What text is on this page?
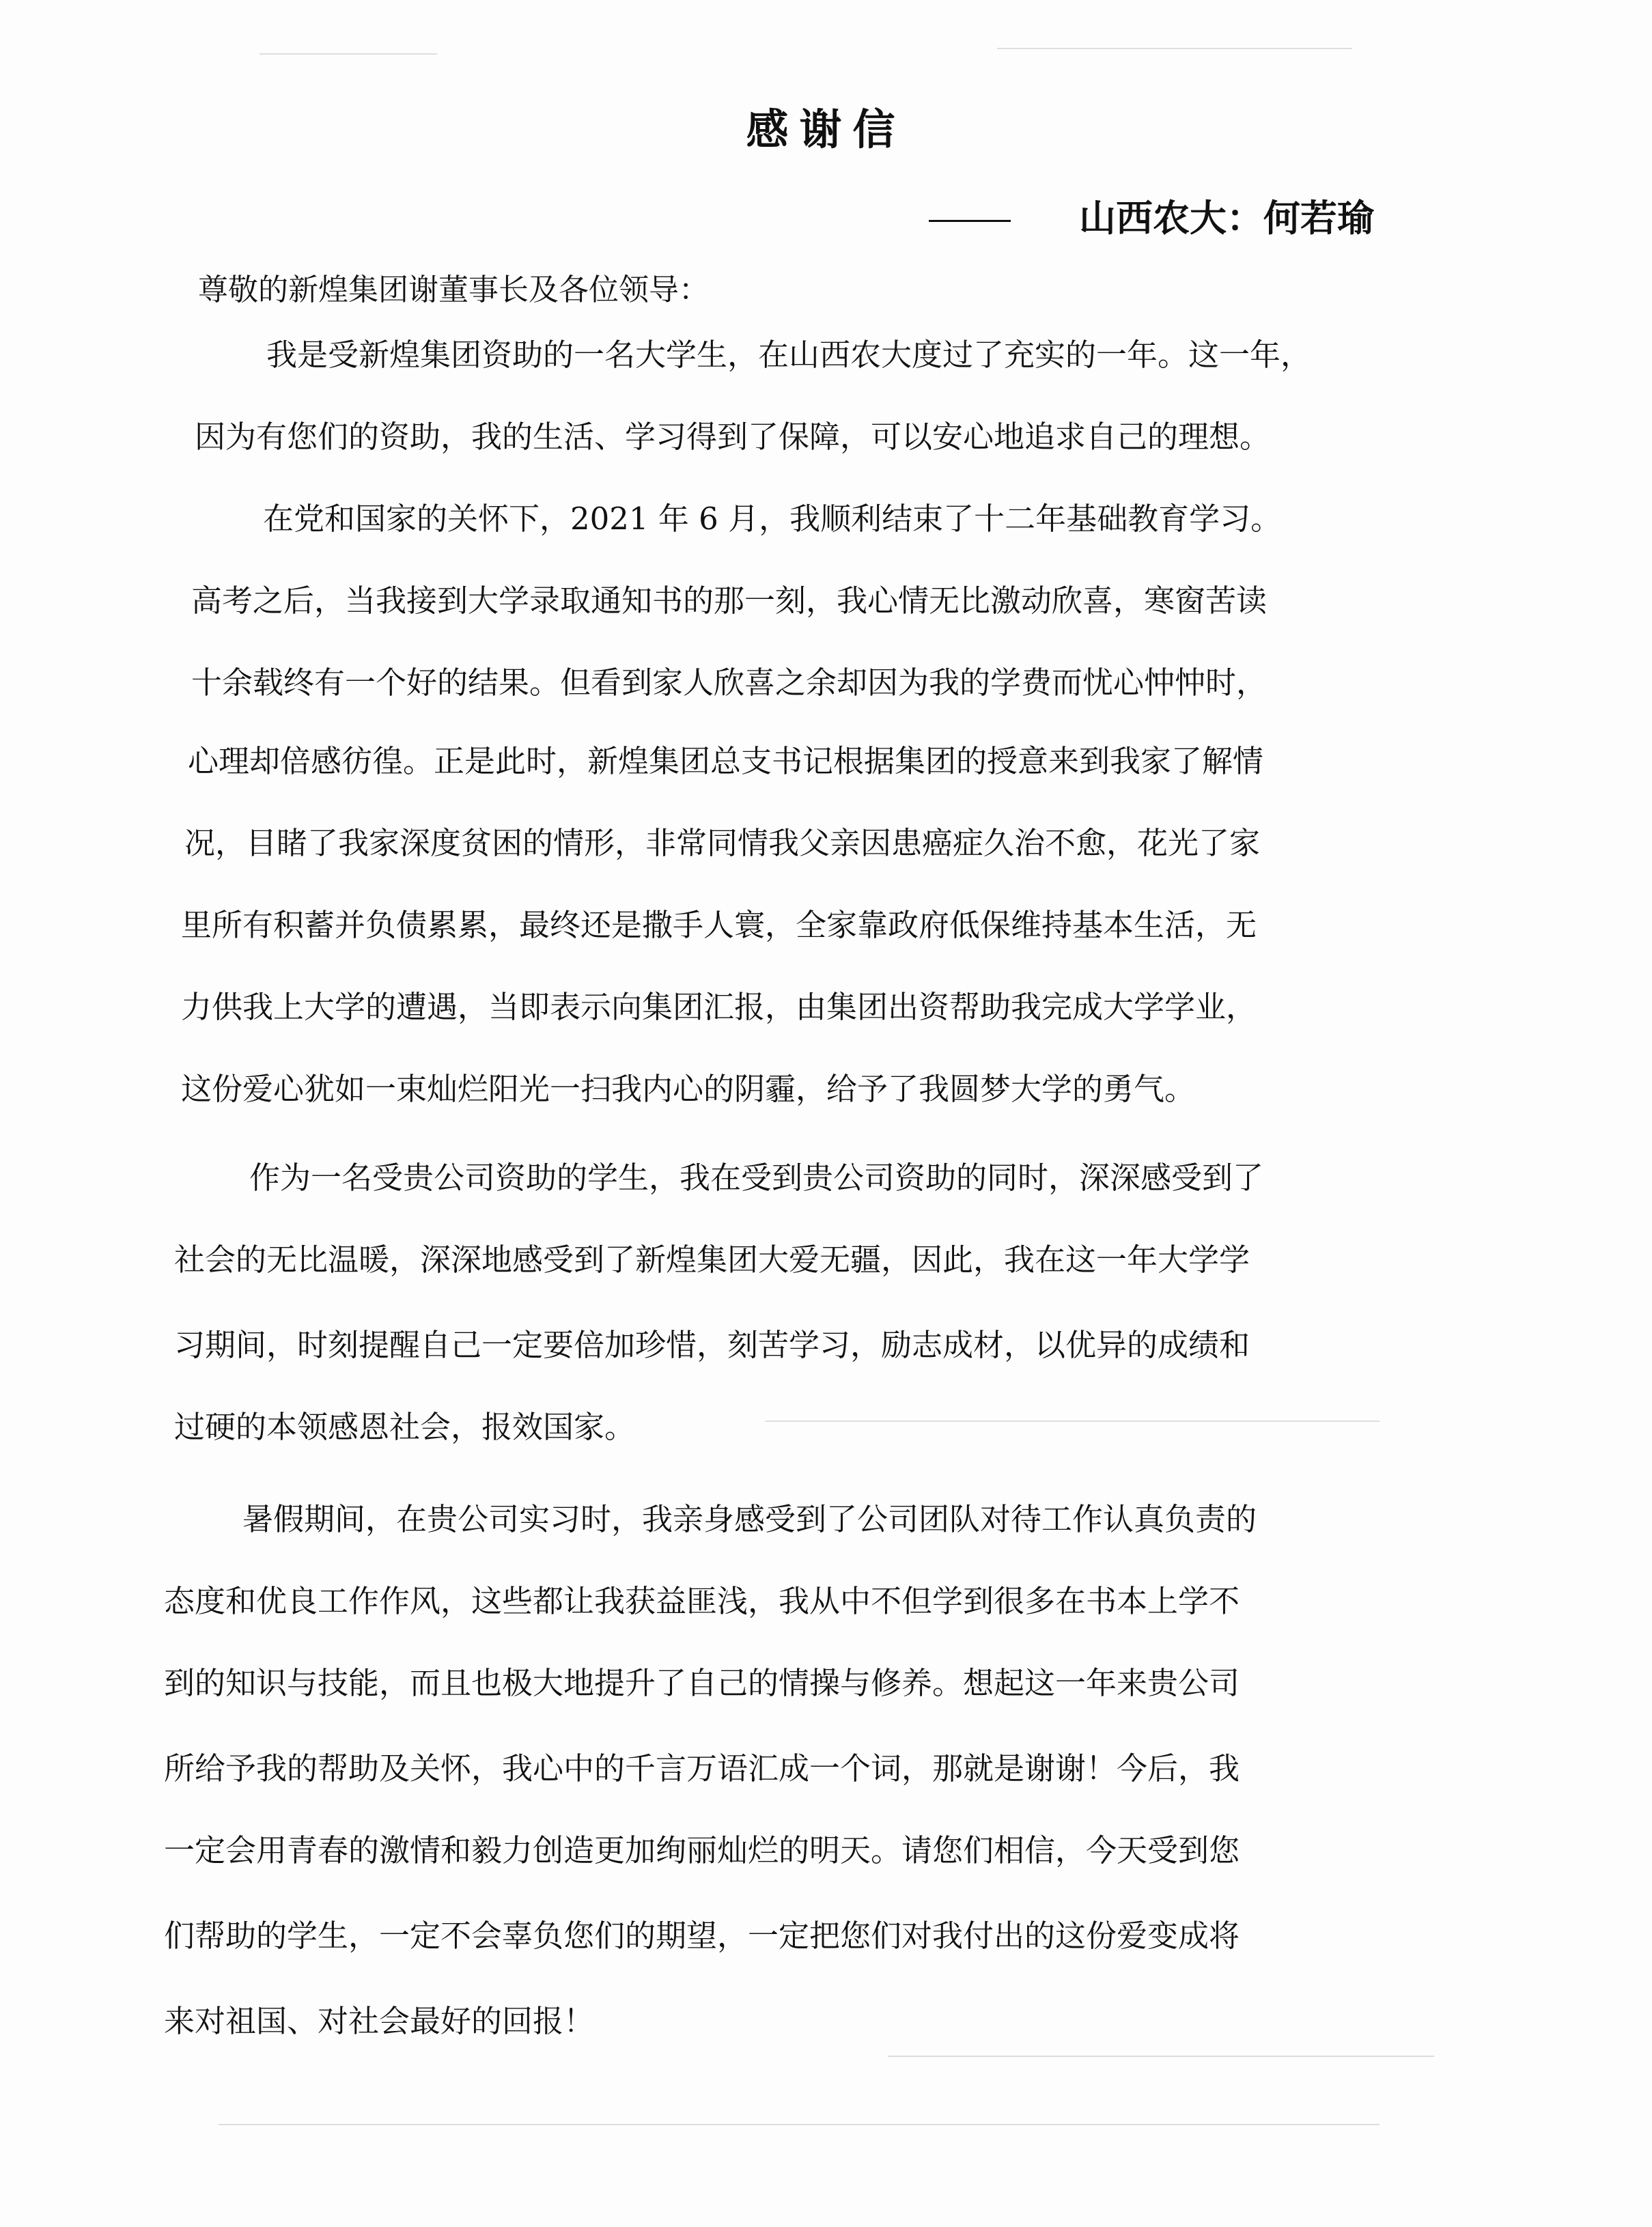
感谢信
山西农大：何若瑜
尊敬的新煌集团谢董事长及各位领导：
我是受新煌集团资助的一名大学生，在山西农大度过了充实的一年。这一年，
因为有您们的资助，我的生活、学习得到了保障，可以安心地追求自己的理想。
在党和国家的关怀下，2021 年 6 月，我顺利结束了十二年基础教育学习。
高考之后，当我接到大学录取通知书的那一刻，我心情无比激动欣喜，寒窗苦读
十余载终有一个好的结果。但看到家人欣喜之余却因为我的学费而忧心忡忡时，
心理却倍感彷徨。正是此时，新煌集团总支书记根据集团的授意来到我家了解情
况，目睹了我家深度贫困的情形，非常同情我父亲因患癌症久治不愈，花光了家
里所有积蓄并负债累累，最终还是撒手人寰，全家靠政府低保维持基本生活，无
力供我上大学的遭遇，当即表示向集团汇报，由集团出资帮助我完成大学学业，
这份爱心犹如一束灿烂阳光一扫我内心的阴霾，给予了我圆梦大学的勇气。
作为一名受贵公司资助的学生，我在受到贵公司资助的同时，深深感受到了
社会的无比温暖，深深地感受到了新煌集团大爱无疆，因此，我在这一年大学学
习期间，时刻提醒自己一定要倍加珍惜，刻苦学习，励志成材，以优异的成绩和
过硬的本领感恩社会，报效国家。
暑假期间，在贵公司实习时，我亲身感受到了公司团队对待工作认真负责的
态度和优良工作作风，这些都让我获益匪浅，我从中不但学到很多在书本上学不
到的知识与技能，而且也极大地提升了自己的情操与修养。想起这一年来贵公司
所给予我的帮助及关怀，我心中的千言万语汇成一个词，那就是谢谢！今后，我
一定会用青春的激情和毅力创造更加绚丽灿烂的明天。请您们相信，今天受到您
们帮助的学生，一定不会辜负您们的期望，一定把您们对我付出的这份爱变成将
来对祖国、对社会最好的回报！
